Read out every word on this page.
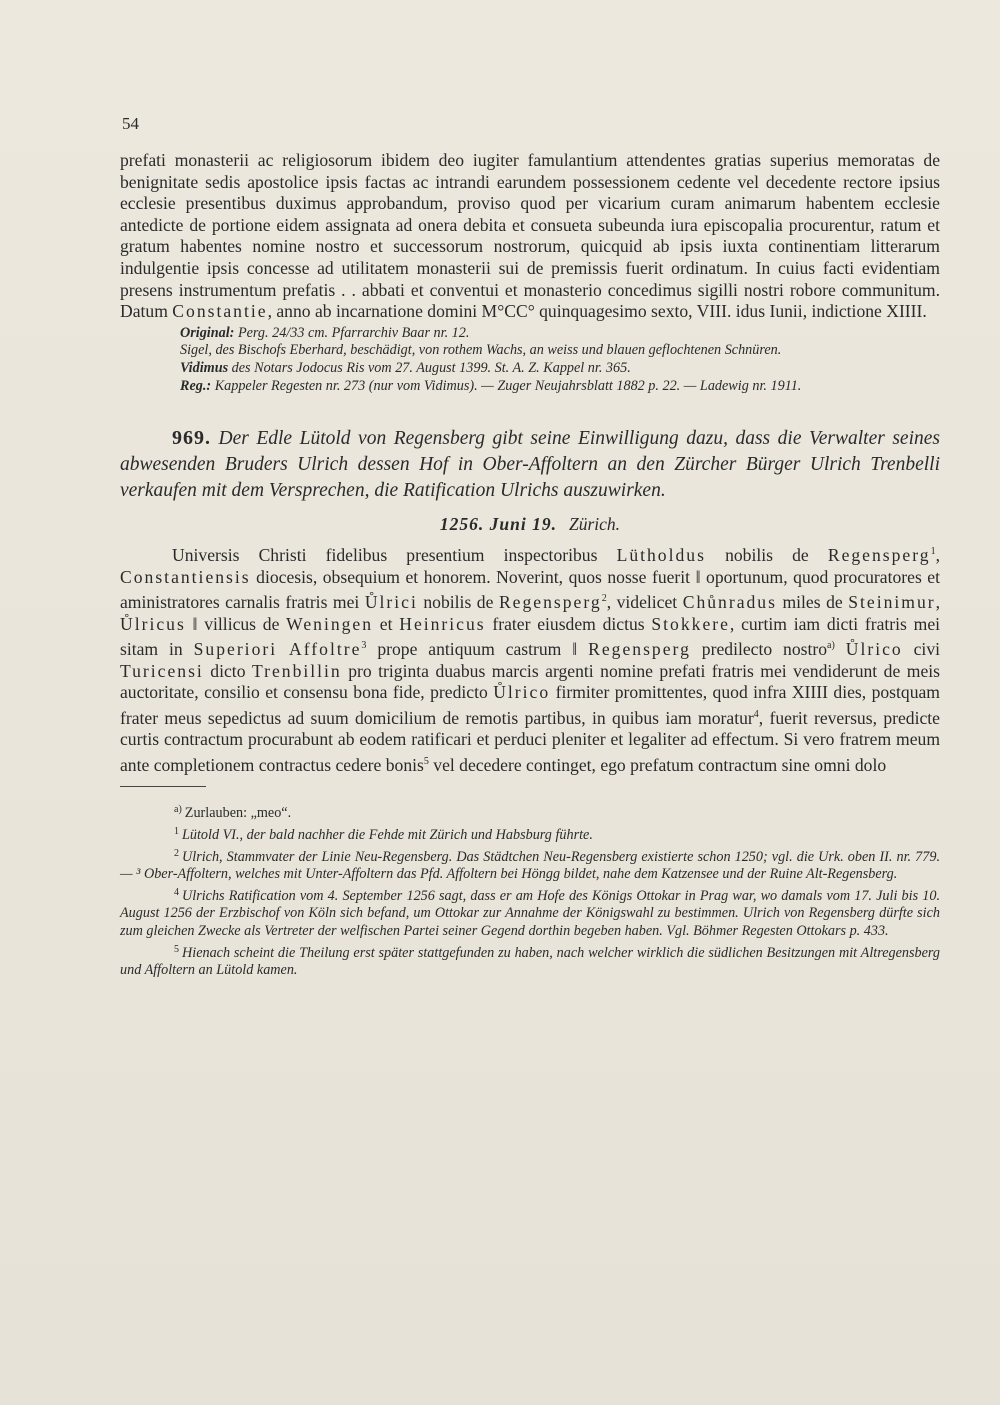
54

prefati monasterii ac religiosorum ibidem deo iugiter famulantium attendentes gratias superius memoratas de benignitate sedis apostolice ipsis factas ac intrandi earundem possessionem cedente vel decedente rectore ipsius ecclesie presentibus duximus approbandum, proviso quod per vicarium curam animarum habentem ecclesie antedicte de portione eidem assignata ad onera debita et consueta subeunda iura episcopalia procurentur, ratum et gratum habentes nomine nostro et successorum nostrorum, quicquid ab ipsis iuxta continentiam litterarum indulgentie ipsis concesse ad utilitatem monasterii sui de premissis fuerit ordinatum. In cuius facti evidentiam presens instrumentum prefatis . . abbati et conventui et monasterio concedimus sigilli nostri robore communitum. Datum Constantie, anno ab incarnatione domini M°CC° quinquagesimo sexto, VIII. idus Iunii, indictione XIIII.

Original: Perg. 24/33 cm. Pfarrarchiv Baar nr. 12.

Sigel, des Bischofs Eberhard, beschädigt, von rothem Wachs, an weiss und blauen geflochtenen Schnüren.

Vidimus des Notars Jodocus Ris vom 27. August 1399. St. A. Z. Kappel nr. 365.

Reg.: Kappeler Regesten nr. 273 (nur vom Vidimus). — Zuger Neujahrsblatt 1882 p. 22. — Ladewig nr. 1911.

969. Der Edle Lütold von Regensberg gibt seine Einwilligung dazu, dass die Verwalter seines abwesenden Bruders Ulrich dessen Hof in Ober-Affoltern an den Zürcher Bürger Ulrich Trenbelli verkaufen mit dem Versprechen, die Ratification Ulrichs auszuwirken.
1256. Juni 19. Zürich.

Universis Christi fidelibus presentium inspectoribus Lütholdus nobilis de Regensperg$^1$, Constantiensis diocesis, obsequium et honorem. Noverint, quos nosse fuerit ‖ oportunum, quod procuratores et aministratores carnalis fratris mei Ůlrici nobilis de Regensperg$^2$, videlicet Chůnradus miles de Steinimur, Ůlricus ‖ villicus de Weningen et Heinricus frater eiusdem dictus Stokkere, curtim iam dicti fratris mei sitam in Superiori Affoltre$^3$ prope antiquum castrum ‖ Regensperg predilecto nostro$^{a)}$ Ůlrico civi Turicensi dicto Trenbillin pro triginta duabus marcis argenti nomine prefati fratris mei vendiderunt de meis auctoritate, consilio et consensu bona fide, predicto Ůlrico firmiter promittentes, quod infra XIIII dies, postquam frater meus sepedictus ad suum domicilium de remotis partibus, in quibus iam moratur$^4$, fuerit reversus, predicte curtis contractum procurabunt ab eodem ratificari et perduci pleniter et legaliter ad effectum. Si vero fratrem meum ante completionem contractus cedere bonis$^5$ vel decedere continget, ego prefatum contractum sine omni dolo

$^{a)}$ Zurlauben: „meo“.

$^1$ Lütold VI., der bald nachher die Fehde mit Zürich und Habsburg führte.

$^2$ Ulrich, Stammvater der Linie Neu-Regensberg. Das Städtchen Neu-Regensberg existierte schon 1250; vgl. die Urk. oben II. nr. 779. — ³ Ober-Affoltern, welches mit Unter-Affoltern das Pfd. Affoltern bei Höngg bildet, nahe dem Katzensee und der Ruine Alt-Regensberg.

$^4$ Ulrichs Ratification vom 4. September 1256 sagt, dass er am Hofe des Königs Ottokar in Prag war, wo damals vom 17. Juli bis 10. August 1256 der Erzbischof von Köln sich befand, um Ottokar zur Annahme der Königswahl zu bestimmen. Ulrich von Regensberg dürfte sich zum gleichen Zwecke als Vertreter der welfischen Partei seiner Gegend dorthin begeben haben. Vgl. Böhmer Regesten Ottokars p. 433.

$^5$ Hienach scheint die Theilung erst später stattgefunden zu haben, nach welcher wirklich die südlichen Besitzungen mit Altregensberg und Affoltern an Lütold kamen.
